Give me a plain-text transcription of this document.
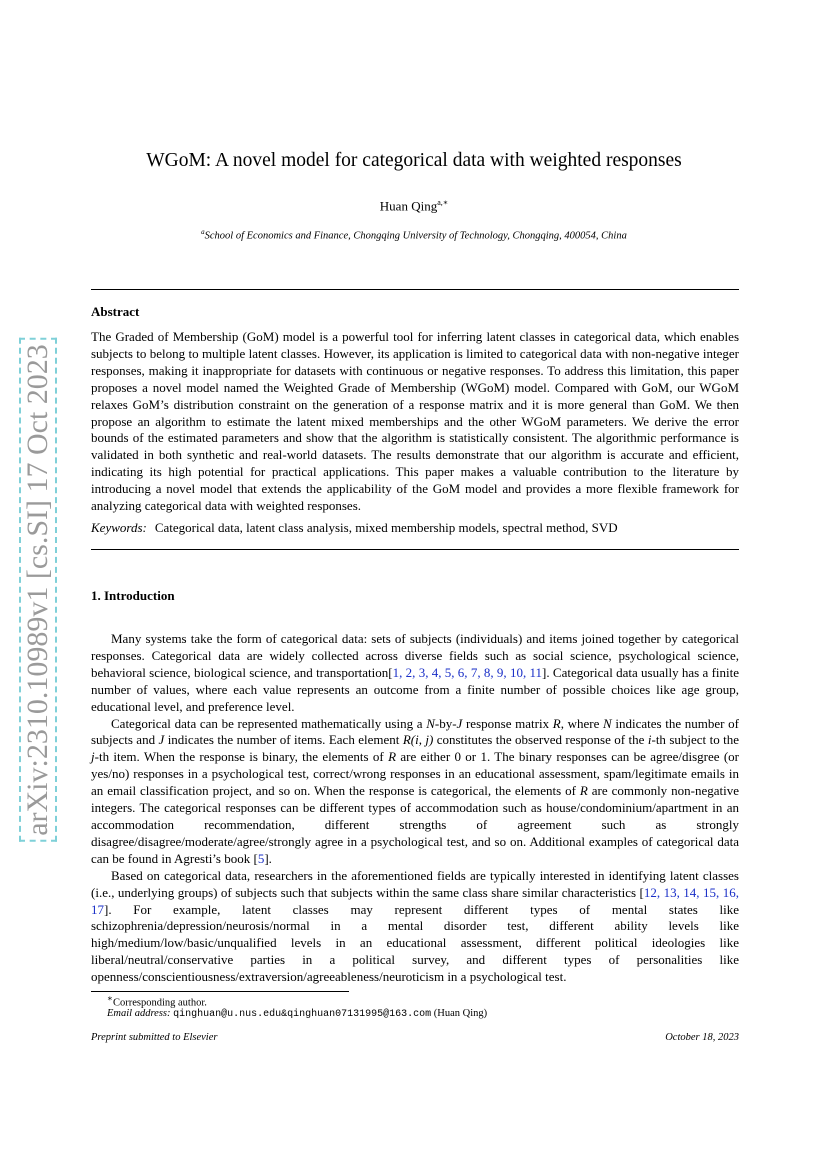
arXiv:2310.10989v1 [cs.SI] 17 Oct 2023
WGoM: A novel model for categorical data with weighted responses
Huan Qing$^{a,∗}$
$^a$School of Economics and Finance, Chongqing University of Technology, Chongqing, 400054, China
Abstract
The Graded of Membership (GoM) model is a powerful tool for inferring latent classes in categorical data, which enables subjects to belong to multiple latent classes. However, its application is limited to categorical data with non-negative integer responses, making it inappropriate for datasets with continuous or negative responses. To address this limitation, this paper proposes a novel model named the Weighted Grade of Membership (WGoM) model. Compared with GoM, our WGoM relaxes GoM’s distribution constraint on the generation of a response matrix and it is more general than GoM. We then propose an algorithm to estimate the latent mixed memberships and the other WGoM parameters. We derive the error bounds of the estimated parameters and show that the algorithm is statistically consistent. The algorithmic performance is validated in both synthetic and real-world datasets. The results demonstrate that our algorithm is accurate and efficient, indicating its high potential for practical applications. This paper makes a valuable contribution to the literature by introducing a novel model that extends the applicability of the GoM model and provides a more flexible framework for analyzing categorical data with weighted responses.
Keywords: Categorical data, latent class analysis, mixed membership models, spectral method, SVD
1. Introduction

Many systems take the form of categorical data: sets of subjects (individuals) and items joined together by categorical responses. Categorical data are widely collected across diverse fields such as social science, psychological science, behavioral science, biological science, and transportation[1, 2, 3, 4, 5, 6, 7, 8, 9, 10, 11]. Categorical data usually has a finite number of values, where each value represents an outcome from a finite number of possible choices like age group, educational level, and preference level.

Categorical data can be represented mathematically using a N-by-J response matrix R, where N indicates the number of subjects and J indicates the number of items. Each element R(i, j) constitutes the observed response of the i-th subject to the j-th item. When the response is binary, the elements of R are either 0 or 1. The binary responses can be agree/disgree (or yes/no) responses in a psychological test, correct/wrong responses in an educational assessment, spam/legitimate emails in an email classification project, and so on. When the response is categorical, the elements of R are commonly non-negative integers. The categorical responses can be different types of accommodation such as house/condominium/apartment in an accommodation recommendation, different strengths of agreement such as strongly disagree/disagree/moderate/agree/strongly agree in a psychological test, and so on. Additional examples of categorical data can be found in Agresti’s book [5].

Based on categorical data, researchers in the aforementioned fields are typically interested in identifying latent classes (i.e., underlying groups) of subjects such that subjects within the same class share similar characteristics [12, 13, 14, 15, 16, 17]. For example, latent classes may represent different types of mental states like schizophrenia/depression/neurosis/normal in a mental disorder test, different ability levels like high/medium/low/basic/unqualified levels in an educational assessment, different political ideologies like liberal/neutral/conservative parties in a political survey, and different types of personalities like openness/conscientiousness/extraversion/agreeableness/neuroticism in a psychological test.

∗Corresponding author.
Email address: qinghuan@u.nus.edu&qinghuan07131995@163.com (Huan Qing)
Preprint submitted to Elsevier	October 18, 2023
